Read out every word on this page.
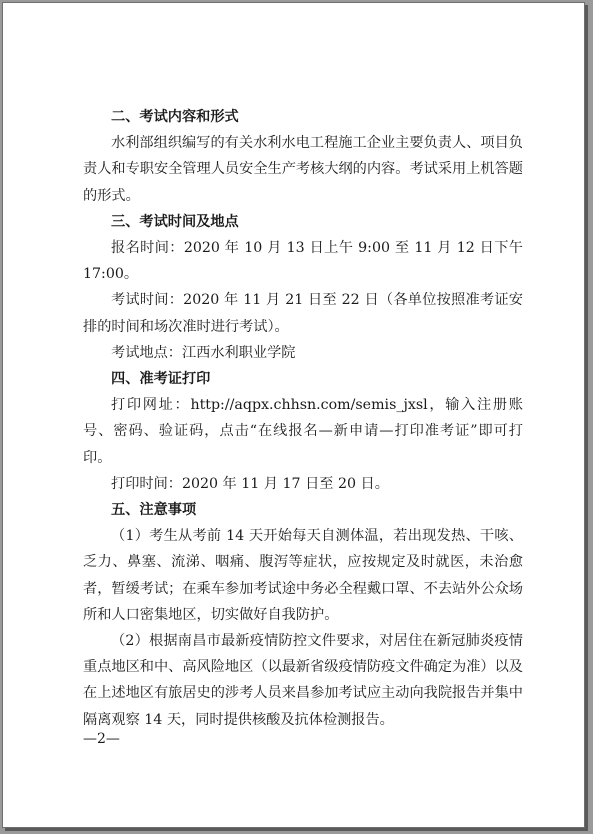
二、考试内容和形式

水利部组织编写的有关水利水电工程施工企业主要负责人、项目负责人和专职安全管理人员安全生产考核大纲的内容。考试采用上机答题的形式。

三、考试时间及地点

报名时间：2020 年 10 月 13 日上午 9:00 至 11 月 12 日下午 17:00。

考试时间：2020 年 11 月 21 日至 22 日（各单位按照准考证安排的时间和场次准时进行考试）。

考试地点：江西水利职业学院

四、准考证打印

打印网址：http://aqpx.chhsn.com/semis_jxsl，输入注册账号、密码、验证码，点击“在线报名—新申请—打印准考证”即可打印。

打印时间：2020 年 11 月 17 日至 20 日。

五、注意事项

（1）考生从考前 14 天开始每天自测体温，若出现发热、干咳、乏力、鼻塞、流涕、咽痛、腹泻等症状，应按规定及时就医，未治愈者，暂缓考试；在乘车参加考试途中务必全程戴口罩、不去站外公众场所和人口密集地区，切实做好自我防护。

（2）根据南昌市最新疫情防控文件要求，对居住在新冠肺炎疫情重点地区和中、高风险地区（以最新省级疫情防疫文件确定为准）以及在上述地区有旅居史的涉考人员来昌参加考试应主动向我院报告并集中隔离观察 14 天，同时提供核酸及抗体检测报告。

—2—
